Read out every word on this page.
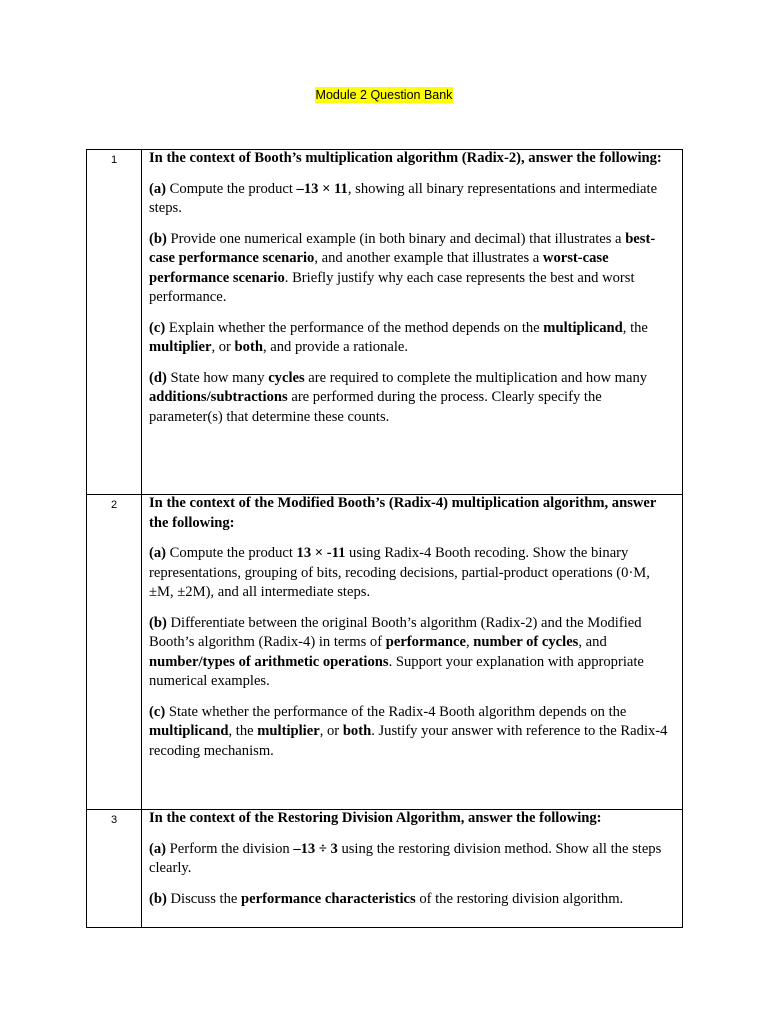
Module 2 Question Bank
1	In the context of Booth’s multiplication algorithm (Radix-2), answer the following:

(a) Compute the product –13 × 11, showing all binary representations and intermediate steps.

(b) Provide one numerical example (in both binary and decimal) that illustrates a best-case performance scenario, and another example that illustrates a worst-case performance scenario. Briefly justify why each case represents the best and worst performance.

(c) Explain whether the performance of the method depends on the multiplicand, the multiplier, or both, and provide a rationale.

(d) State how many cycles are required to complete the multiplication and how many additions/subtractions are performed during the process. Clearly specify the parameter(s) that determine these counts.

2	In the context of the Modified Booth’s (Radix-4) multiplication algorithm, answer the following:

(a) Compute the product 13 × -11 using Radix-4 Booth recoding. Show the binary representations, grouping of bits, recoding decisions, partial-product operations (0·M, ±M, ±2M), and all intermediate steps.

(b) Differentiate between the original Booth’s algorithm (Radix-2) and the Modified Booth’s algorithm (Radix-4) in terms of performance, number of cycles, and number/types of arithmetic operations. Support your explanation with appropriate numerical examples.

(c) State whether the performance of the Radix-4 Booth algorithm depends on the multiplicand, the multiplier, or both. Justify your answer with reference to the Radix-4 recoding mechanism.

3	In the context of the Restoring Division Algorithm, answer the following:

(a) Perform the division –13 ÷ 3 using the restoring division method. Show all the steps clearly.

(b) Discuss the performance characteristics of the restoring division algorithm.
